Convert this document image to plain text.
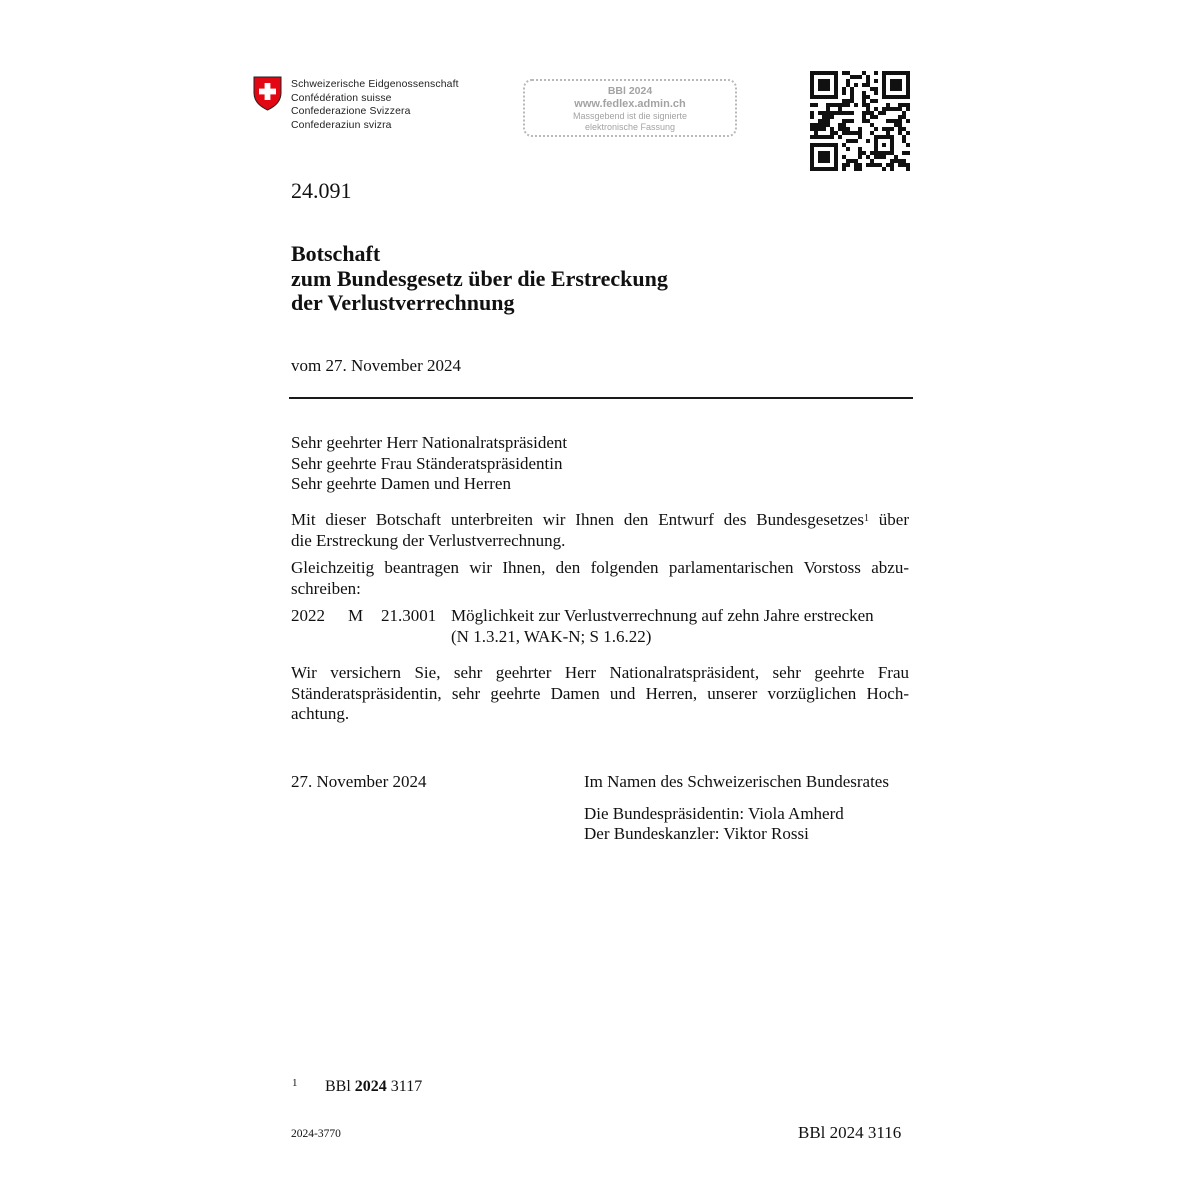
Schweizerische Eidgenossenschaft
Confédération suisse
Confederazione Svizzera
Confederaziun svizra
BBl 2024
www.fedlex.admin.ch
Massgebend ist die signierte
elektronische Fassung
24.091
Botschaft
zum Bundesgesetz über die Erstreckung
der Verlustverrechnung
vom 27. November 2024
Sehr geehrter Herr Nationalratspräsident
Sehr geehrte Frau Ständeratspräsidentin
Sehr geehrte Damen und Herren
Mit dieser Botschaft unterbreiten wir Ihnen den Entwurf des Bundesgesetzes$^1$ über
die Erstreckung der Verlustverrechnung.
Gleichzeitig beantragen wir Ihnen, den folgenden parlamentarischen Vorstoss abzu-
schreiben:
2022 M 21.3001 Möglichkeit zur Verlustverrechnung auf zehn Jahre erstrecken
(N 1.3.21, WAK-N; S 1.6.22)
Wir versichern Sie, sehr geehrter Herr Nationalratspräsident, sehr geehrte Frau
Ständeratspräsidentin, sehr geehrte Damen und Herren, unserer vorzüglichen Hoch-
achtung.
27. November 2024	Im Namen des Schweizerischen Bundesrates
Die Bundespräsidentin: Viola Amherd
Der Bundeskanzler: Viktor Rossi
1 BBl 2024 3117
2024-3770	BBl 2024 3116
